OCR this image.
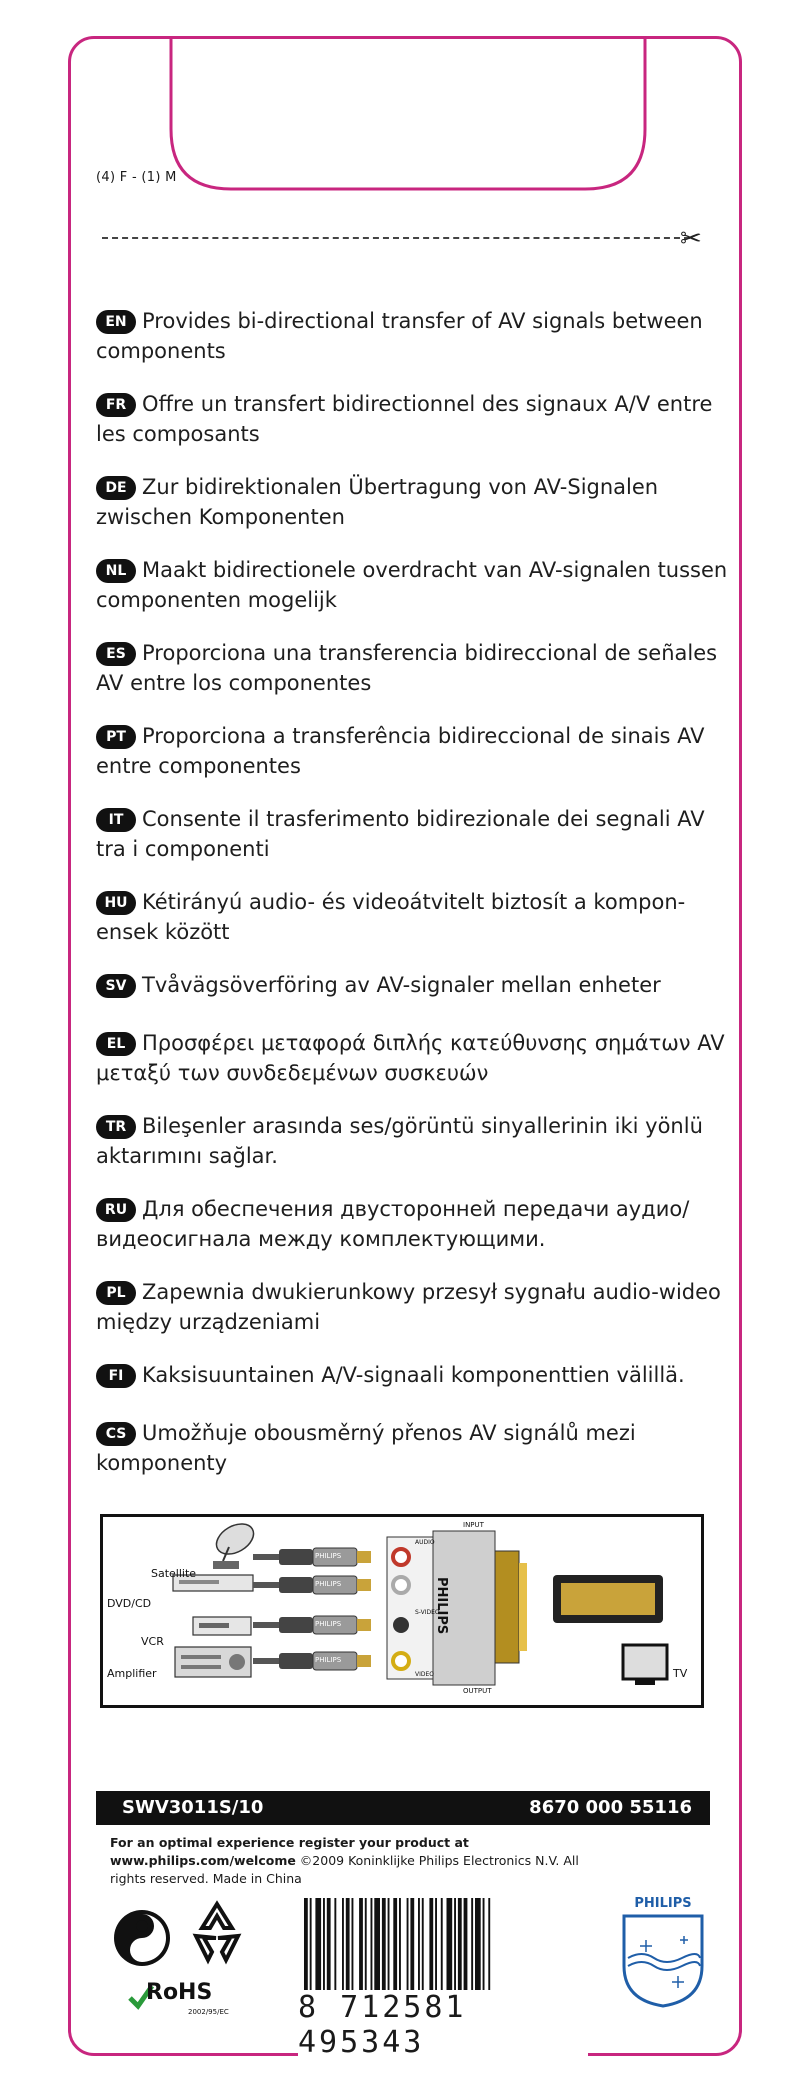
(4) F - (1) M
✂
EN Provides bi-directional transfer of AV signals between components
FR Offre un transfert bidirectionnel des signaux A/V entre les composants
DE Zur bidirektionalen Übertragung von AV-Signalen zwischen Komponenten
NL Maakt bidirectionele overdracht van AV-signalen tussen componenten mogelijk
ES Proporciona una transferencia bidireccional de señales AV entre los componentes
PT Proporciona a transferência bidireccional de sinais AV entre componentes
IT Consente il trasferimento bidirezionale dei segnali AV tra i componenti
HU Kétirányú audio- és videoátvitelt biztosít a kompon-ensek között
SV Tvåvägsöverföring av AV-signaler mellan enheter
EL Προσφέρει μεταφορά διπλής κατεύθυνσης σημάτων AV μεταξύ των συνδεδεμένων συσκευών
TR Bileşenler arasında ses/görüntü sinyallerinin iki yönlü aktarımını sağlar.
RU Для обеспечения двусторонней передачи аудио/видеосигнала между комплектующими.
PL Zapewnia dwukierunkowy przesył sygnału audio-wideo między urządzeniami
FI Kaksisuuntainen A/V-signaali komponenttien välillä.
CS Umožňuje obousměrný přenos AV signálů mezi komponenty
Satellite
DVD/CD
VCR
Amplifier	TV
PHILIPS
PHILIPS
PHILIPS
PHILIPS
PHILIPS
INPUT
OUTPUT
AUDIO
S-VIDEO
VIDEO
SWV3011S/10	8670 000 55116
For an optimal experience register your product at www.philips.com/welcome ©2009 Koninklijke Philips Electronics N.V. All rights reserved. Made in China
RoHS
2002/95/EC 8 712581 495343
PHILIPS
